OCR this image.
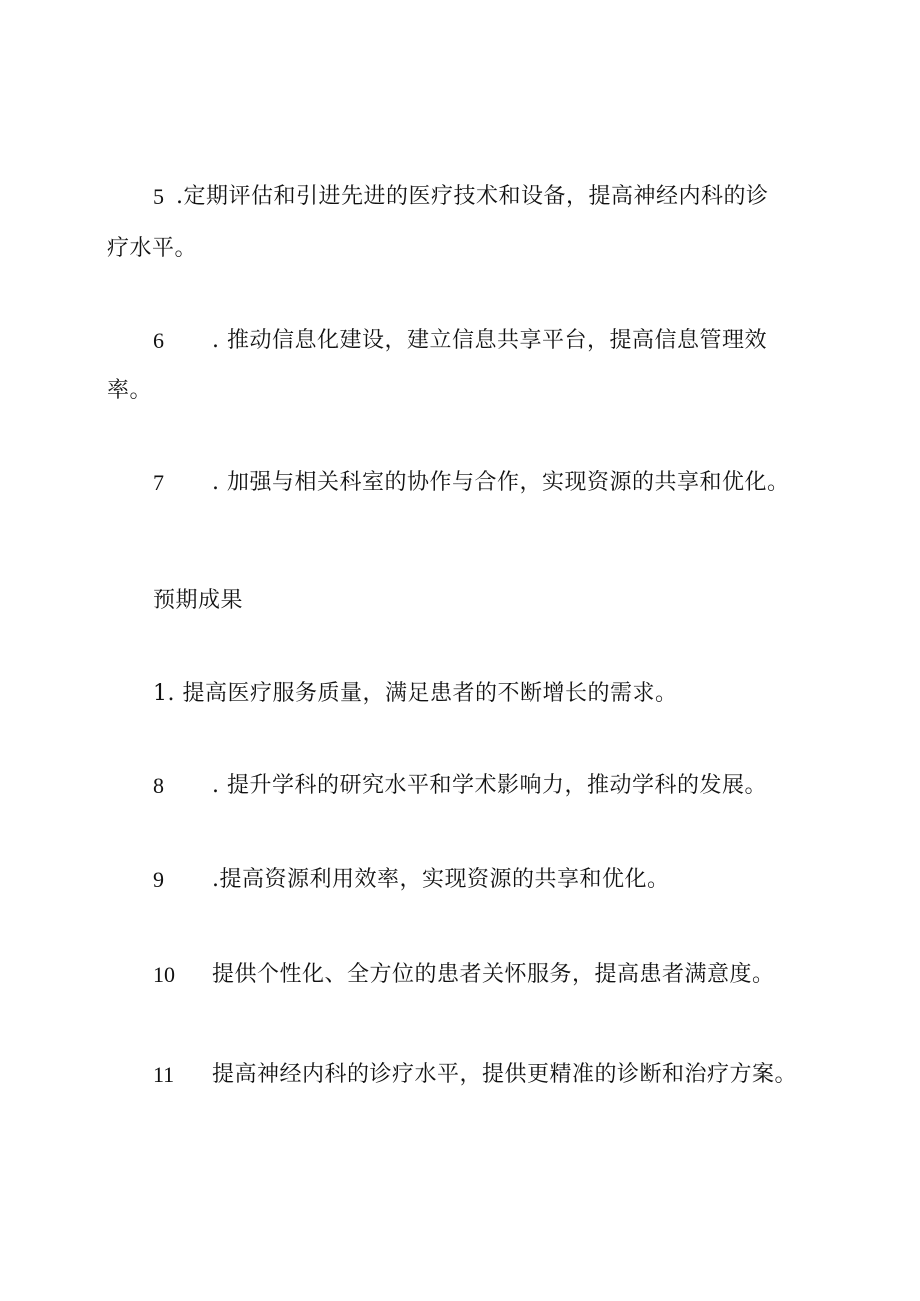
5 .定期评估和引进先进的医疗技术和设备，提高神经内科的诊
疗水平。
6 . 推动信息化建设，建立信息共享平台，提高信息管理效
率。
7 . 加强与相关科室的协作与合作，实现资源的共享和优化。
预期成果
1. 提高医疗服务质量，满足患者的不断增长的需求。
8 . 提升学科的研究水平和学术影响力，推动学科的发展。
9 .提高资源利用效率，实现资源的共享和优化。
10 提供个性化、全方位的患者关怀服务，提高患者满意度。
11 提高神经内科的诊疗水平，提供更精准的诊断和治疗方案。
